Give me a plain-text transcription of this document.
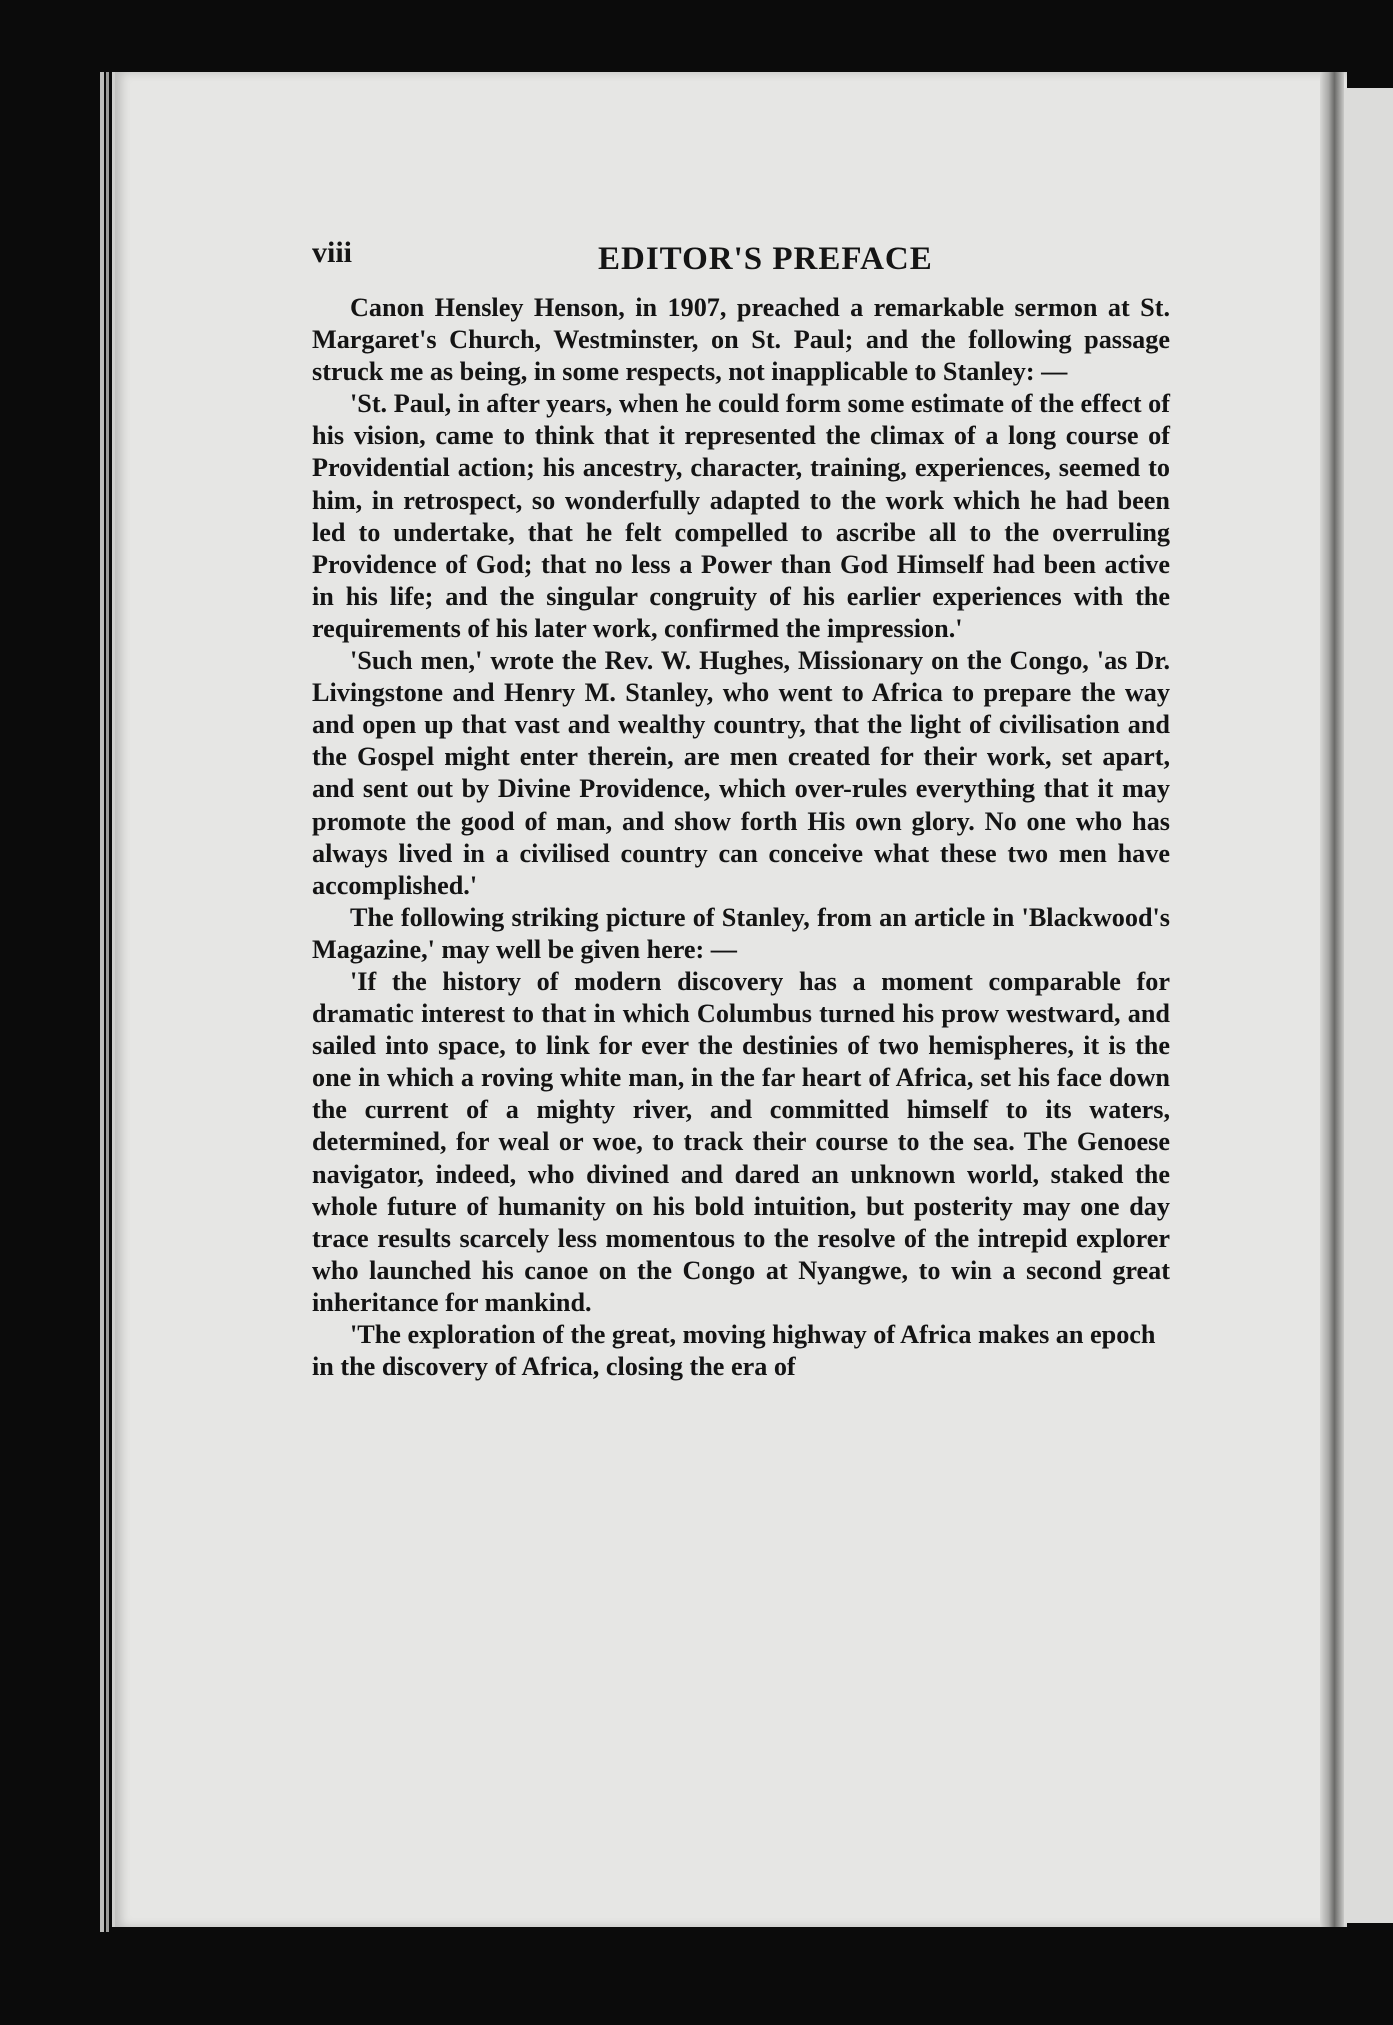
viii	EDITOR'S PREFACE

Canon Hensley Henson, in 1907, preached a remarkable sermon at St. Margaret's Church, Westminster, on St. Paul; and the following passage struck me as being, in some respects, not inapplicable to Stanley: —

'St. Paul, in after years, when he could form some estimate of the effect of his vision, came to think that it represented the climax of a long course of Providential action; his ancestry, character, training, experiences, seemed to him, in retrospect, so wonderfully adapted to the work which he had been led to undertake, that he felt compelled to ascribe all to the overruling Providence of God; that no less a Power than God Himself had been active in his life; and the singular congruity of his earlier experiences with the requirements of his later work, confirmed the impression.'

'Such men,' wrote the Rev. W. Hughes, Missionary on the Congo, 'as Dr. Livingstone and Henry M. Stanley, who went to Africa to prepare the way and open up that vast and wealthy country, that the light of civilisation and the Gospel might enter therein, are men created for their work, set apart, and sent out by Divine Providence, which over-rules everything that it may promote the good of man, and show forth His own glory. No one who has always lived in a civilised country can conceive what these two men have accomplished.'

The following striking picture of Stanley, from an article in 'Blackwood's Magazine,' may well be given here: —

'If the history of modern discovery has a moment comparable for dramatic interest to that in which Columbus turned his prow westward, and sailed into space, to link for ever the destinies of two hemispheres, it is the one in which a roving white man, in the far heart of Africa, set his face down the current of a mighty river, and committed himself to its waters, determined, for weal or woe, to track their course to the sea. The Genoese navigator, indeed, who divined and dared an unknown world, staked the whole future of humanity on his bold intuition, but posterity may one day trace results scarcely less momentous to the resolve of the intrepid explorer who launched his canoe on the Congo at Nyangwe, to win a second great inheritance for mankind.

'The exploration of the great, moving highway of Africa makes an epoch in the discovery of Africa, closing the era of
